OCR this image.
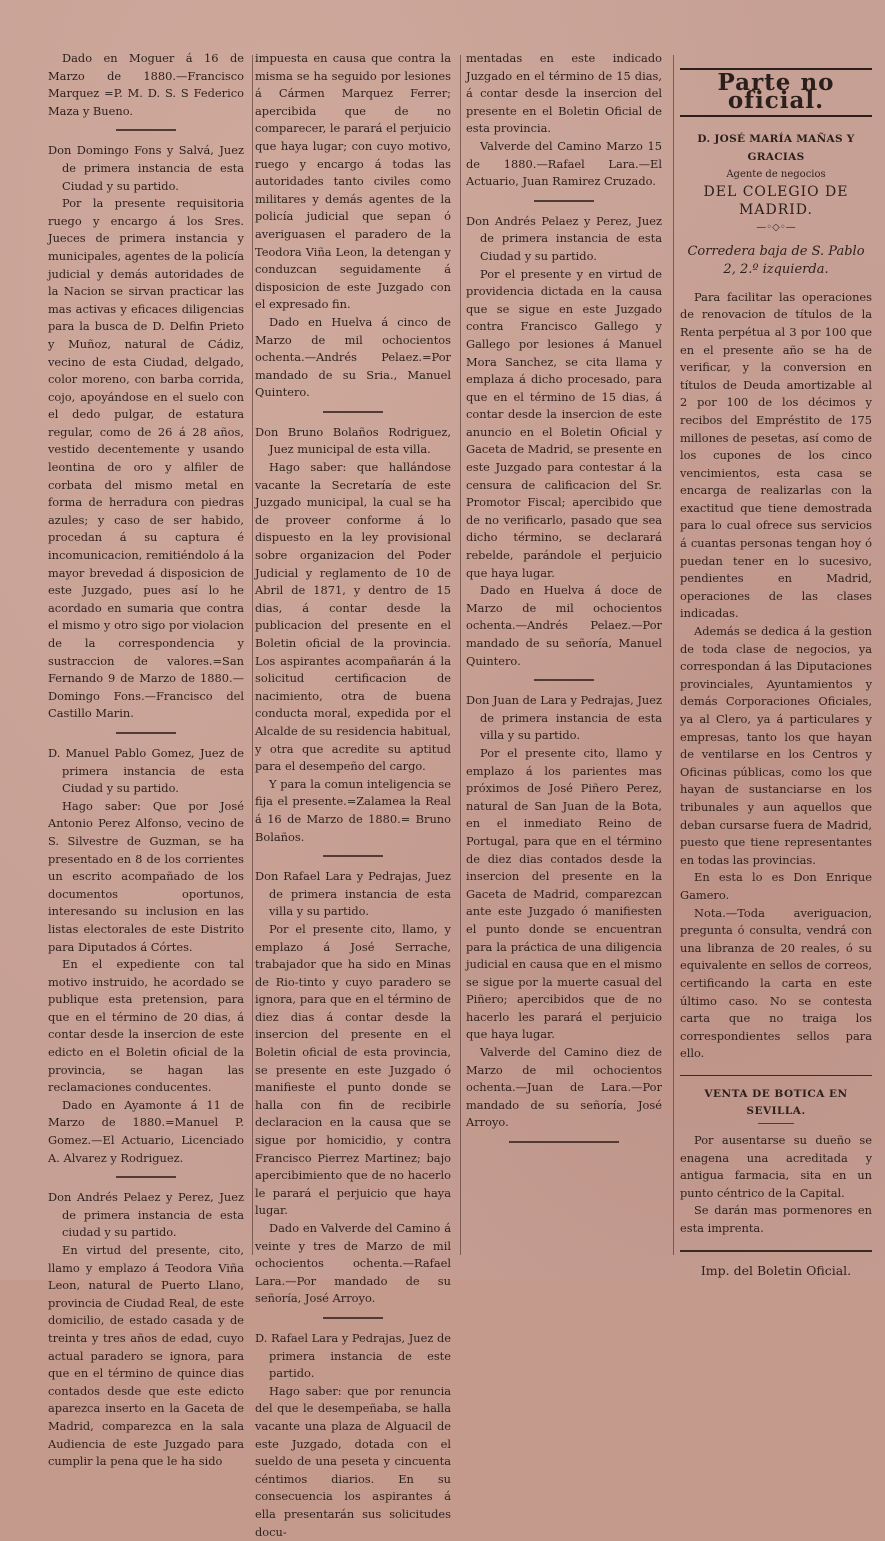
Dado en Moguer á 16 de Marzo de 1880.—Francisco Marquez =P. M. D. S. S Federico Maza y Bueno.

Don Domingo Fons y Salvá, Juez de primera instancia de esta Ciudad y su partido.

Por la presente requisitoria ruego y encargo á los Sres. Jueces de primera instancia y municipales, agentes de la policía judicial y demás autoridades de la Nacion se sirvan practicar las mas activas y eficaces diligencias para la busca de D. Delfin Prieto y Muñoz, natural de Cádiz, vecino de esta Ciudad, delgado, color moreno, con barba corrida, cojo, apoyándose en el suelo con el dedo pulgar, de estatura regular, como de 26 á 28 años, vestido decentemente y usando leontina de oro y alfiler de corbata del mismo metal en forma de herradura con piedras azules; y caso de ser habido, procedan á su captura é incomunicacion, remitiéndolo á la mayor brevedad á disposicion de este Juzgado, pues así lo he acordado en sumaria que contra el mismo y otro sigo por violacion de la correspondencia y sustraccion de valores.=San Fernando 9 de Marzo de 1880.—Domingo Fons.—Francisco del Castillo Marin.

D. Manuel Pablo Gomez, Juez de primera instancia de esta Ciudad y su partido.

Hago saber: Que por José Antonio Perez Alfonso, vecino de S. Silvestre de Guzman, se ha presentado en 8 de los corrientes un escrito acompañado de los documentos oportunos, interesando su inclusion en las listas electorales de este Distrito para Diputados á Córtes.

En el expediente con tal motivo instruido, he acordado se publique esta pretension, para que en el término de 20 dias, á contar desde la insercion de este edicto en el Boletin oficial de la provincia, se hagan las reclamaciones conducentes.

Dado en Ayamonte á 11 de Marzo de 1880.=Manuel P. Gomez.—El Actuario, Licenciado A. Alvarez y Rodriguez.

Don Andrés Pelaez y Perez, Juez de primera instancia de esta ciudad y su partido.

En virtud del presente, cito, llamo y emplazo á Teodora Viña Leon, natural de Puerto Llano, provincia de Ciudad Real, de este domicilio, de estado casada y de treinta y tres años de edad, cuyo actual paradero se ignora, para que en el término de quince dias contados desde que este edicto aparezca inserto en la Gaceta de Madrid, comparezca en la sala Audiencia de este Juzgado para cumplir la pena que le ha sido

impuesta en causa que contra la misma se ha seguido por lesiones á Cármen Marquez Ferrer; apercibida que de no comparecer, le parará el perjuicio que haya lugar; con cuyo motivo, ruego y encargo á todas las autoridades tanto civiles como militares y demás agentes de la policía judicial que sepan ó averiguasen el paradero de la Teodora Viña Leon, la detengan y conduzcan seguidamente á disposicion de este Juzgado con el expresado fin.

Dado en Huelva á cinco de Marzo de mil ochocientos ochenta.—Andrés Pelaez.=Por mandado de su Sria., Manuel Quintero.

Don Bruno Bolaños Rodriguez, Juez municipal de esta villa.

Hago saber: que hallándose vacante la Secretaría de este Juzgado municipal, la cual se ha de proveer conforme á lo dispuesto en la ley provisional sobre organizacion del Poder Judicial y reglamento de 10 de Abril de 1871, y dentro de 15 dias, á contar desde la publicacion del presente en el Boletin oficial de la provincia. Los aspirantes acompañarán á la solicitud certificacion de nacimiento, otra de buena conducta moral, expedida por el Alcalde de su residencia habitual, y otra que acredite su aptitud para el desempeño del cargo.

Y para la comun inteligencia se fija el presente.=Zalamea la Real á 16 de Marzo de 1880.= Bruno Bolaños.

Don Rafael Lara y Pedrajas, Juez de primera instancia de esta villa y su partido.

Por el presente cito, llamo, y emplazo á José Serrache, trabajador que ha sido en Minas de Rio-tinto y cuyo paradero se ignora, para que en el término de diez dias á contar desde la insercion del presente en el Boletin oficial de esta provincia, se presente en este Juzgado ó manifieste el punto donde se halla con fin de recibirle declaracion en la causa que se sigue por homicidio, y contra Francisco Pierrez Martinez; bajo apercibimiento que de no hacerlo le parará el perjuicio que haya lugar.

Dado en Valverde del Camino á veinte y tres de Marzo de mil ochocientos ochenta.—Rafael Lara.—Por mandado de su señoría, José Arroyo.

D. Rafael Lara y Pedrajas, Juez de primera instancia de este partido.

Hago saber: que por renuncia del que le desempeñaba, se halla vacante una plaza de Alguacil de este Juzgado, dotada con el sueldo de una peseta y cincuenta céntimos diarios. En su consecuencia los aspirantes á ella presentarán sus solicitudes docu-

mentadas en este indicado Juzgado en el término de 15 dias, á contar desde la insercion del presente en el Boletin Oficial de esta provincia.

Valverde del Camino Marzo 15 de 1880.—Rafael Lara.—El Actuario, Juan Ramirez Cruzado.

Don Andrés Pelaez y Perez, Juez de primera instancia de esta Ciudad y su partido.

Por el presente y en virtud de providencia dictada en la causa que se sigue en este Juzgado contra Francisco Gallego y Gallego por lesiones á Manuel Mora Sanchez, se cita llama y emplaza á dicho procesado, para que en el término de 15 dias, á contar desde la insercion de este anuncio en el Boletin Oficial y Gaceta de Madrid, se presente en este Juzgado para contestar á la censura de calificacion del Sr. Promotor Fiscal; apercibido que de no verificarlo, pasado que sea dicho término, se declarará rebelde, parándole el perjuicio que haya lugar.

Dado en Huelva á doce de Marzo de mil ochocientos ochenta.—Andrés Pelaez.—Por mandado de su señoría, Manuel Quintero.

Don Juan de Lara y Pedrajas, Juez de primera instancia de esta villa y su partido.

Por el presente cito, llamo y emplazo á los parientes mas próximos de José Piñero Perez, natural de San Juan de la Bota, en el inmediato Reino de Portugal, para que en el término de diez dias contados desde la insercion del presente en la Gaceta de Madrid, comparezcan ante este Juzgado ó manifiesten el punto donde se encuentran para la práctica de una diligencia judicial en causa que en el mismo se sigue por la muerte casual del Piñero; apercibidos que de no hacerlo les parará el perjuicio que haya lugar.

Valverde del Camino diez de Marzo de mil ochocientos ochenta.—Juan de Lara.—Por mandado de su señoría, José Arroyo.

Parte no oficial.

D. JOSÉ MARÍA MAÑAS Y GRACIAS

Agente de negocios

DEL COLEGIO DE MADRID.

—◦◇◦—

Corredera baja de S. Pablo 2, 2.º izquierda.

Para facilitar las operaciones de renovacion de títulos de la Renta perpétua al 3 por 100 que en el presente año se ha de verificar, y la conversion en títulos de Deuda amortizable al 2 por 100 de los décimos y recibos del Empréstito de 175 millones de pesetas, así como de los cupones de los cinco vencimientos, esta casa se encarga de realizarlas con la exactitud que tiene demostrada para lo cual ofrece sus servicios á cuantas personas tengan hoy ó puedan tener en lo sucesivo, pendientes en Madrid, operaciones de las clases indicadas.

Además se dedica á la gestion de toda clase de negocios, ya correspondan á las Diputaciones provinciales, Ayuntamientos y demás Corporaciones Oficiales, ya al Clero, ya á particulares y empresas, tanto los que hayan de ventilarse en los Centros y Oficinas públicas, como los que hayan de sustanciarse en los tribunales y aun aquellos que deban cursarse fuera de Madrid, puesto que tiene representantes en todas las provincias.

En esta lo es Don Enrique Gamero.

Nota.—Toda averiguacion, pregunta ó consulta, vendrá con una libranza de 20 reales, ó su equivalente en sellos de correos, certificando la carta en este último caso. No se contesta carta que no traiga los correspondientes sellos para ello.

VENTA DE BOTICA EN SEVILLA.

Por ausentarse su dueño se enagena una acreditada y antigua farmacia, sita en un punto céntrico de la Capital.

Se darán mas pormenores en esta imprenta.

Imp. del Boletin Oficial.
